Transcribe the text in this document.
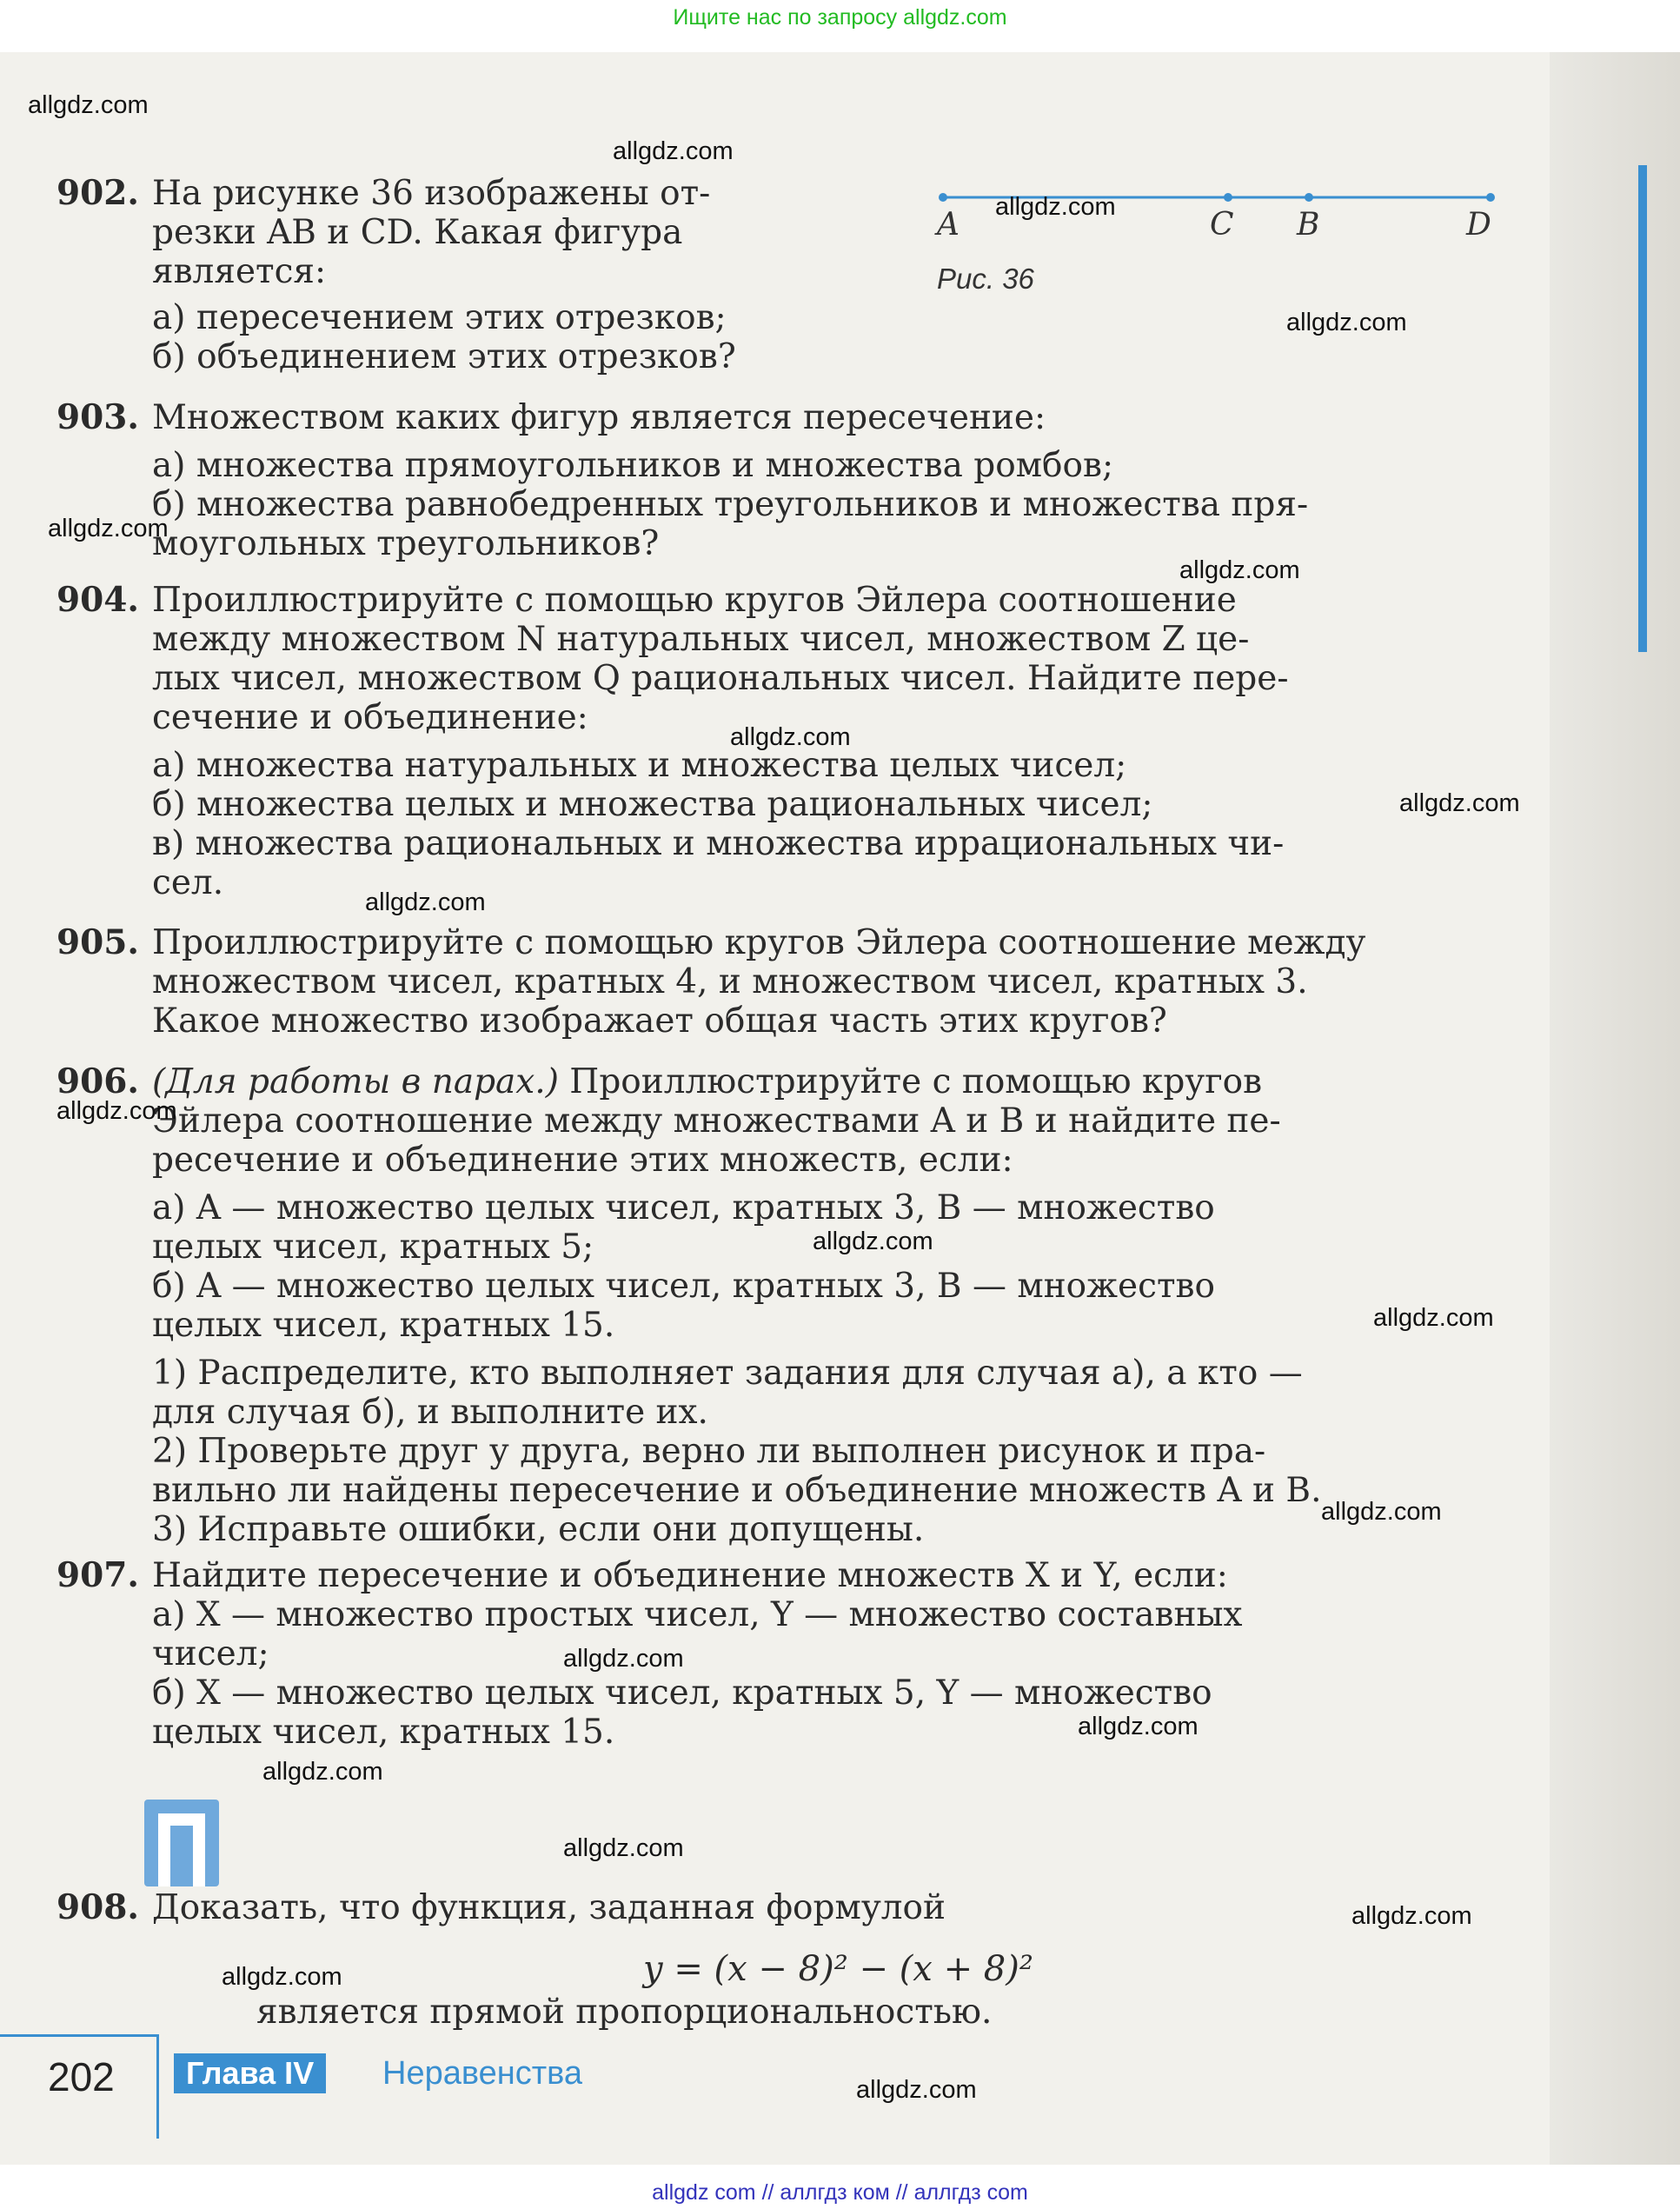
Ищите нас по запросу allgdz.com
A	C B	D
Рис. 36
902. На рисунке 36 изображены от-
резки AB и CD. Какая фигура
является:
а) пересечением этих отрезков;
б) объединением этих отрезков?
903. Множеством каких фигур является пересечение:
а) множества прямоугольников и множества ромбов;
б) множества равнобедренных треугольников и множества пря-
моугольных треугольников?
904. Проиллюстрируйте с помощью кругов Эйлера соотношение
между множеством N натуральных чисел, множеством Z це-
лых чисел, множеством Q рациональных чисел. Найдите пере-
сечение и объединение:
а) множества натуральных и множества целых чисел;
б) множества целых и множества рациональных чисел;
в) множества рациональных и множества иррациональных чи-
сел.
905. Проиллюстрируйте с помощью кругов Эйлера соотношение между
множеством чисел, кратных 4, и множеством чисел, кратных 3.
Какое множество изображает общая часть этих кругов?
906. (Для работы в парах.) Проиллюстрируйте с помощью кругов
Эйлера соотношение между множествами A и B и найдите пе-
ресечение и объединение этих множеств, если:
а) A — множество целых чисел, кратных 3, B — множество
целых чисел, кратных 5;
б) A — множество целых чисел, кратных 3, B — множество
целых чисел, кратных 15.
1) Распределите, кто выполняет задания для случая а), а кто —
для случая б), и выполните их.
2) Проверьте друг у друга, верно ли выполнен рисунок и пра-
вильно ли найдены пересечение и объединение множеств A и B.
3) Исправьте ошибки, если они допущены.
907. Найдите пересечение и объединение множеств X и Y, если:
а) X — множество простых чисел, Y — множество составных
чисел;
б) X — множество целых чисел, кратных 5, Y — множество
целых чисел, кратных 15.
908. Доказать, что функция, заданная формулой
y = (x − 8)² − (x + 8)²
является прямой пропорциональностью.
202	Глава IV	Неравенства
allgdz.com
allgdz.com
allgdz.com
allgdz.com
allgdz.com
allgdz.com
allgdz.com
allgdz.com
allgdz.com
allgdz.com
allgdz.com
allgdz.com
allgdz.com
allgdz.com
allgdz.com
allgdz.com
allgdz.com
allgdz.com
allgdz.com
allgdz.com
allgdz com // аллгдз ком // аллгдз com
